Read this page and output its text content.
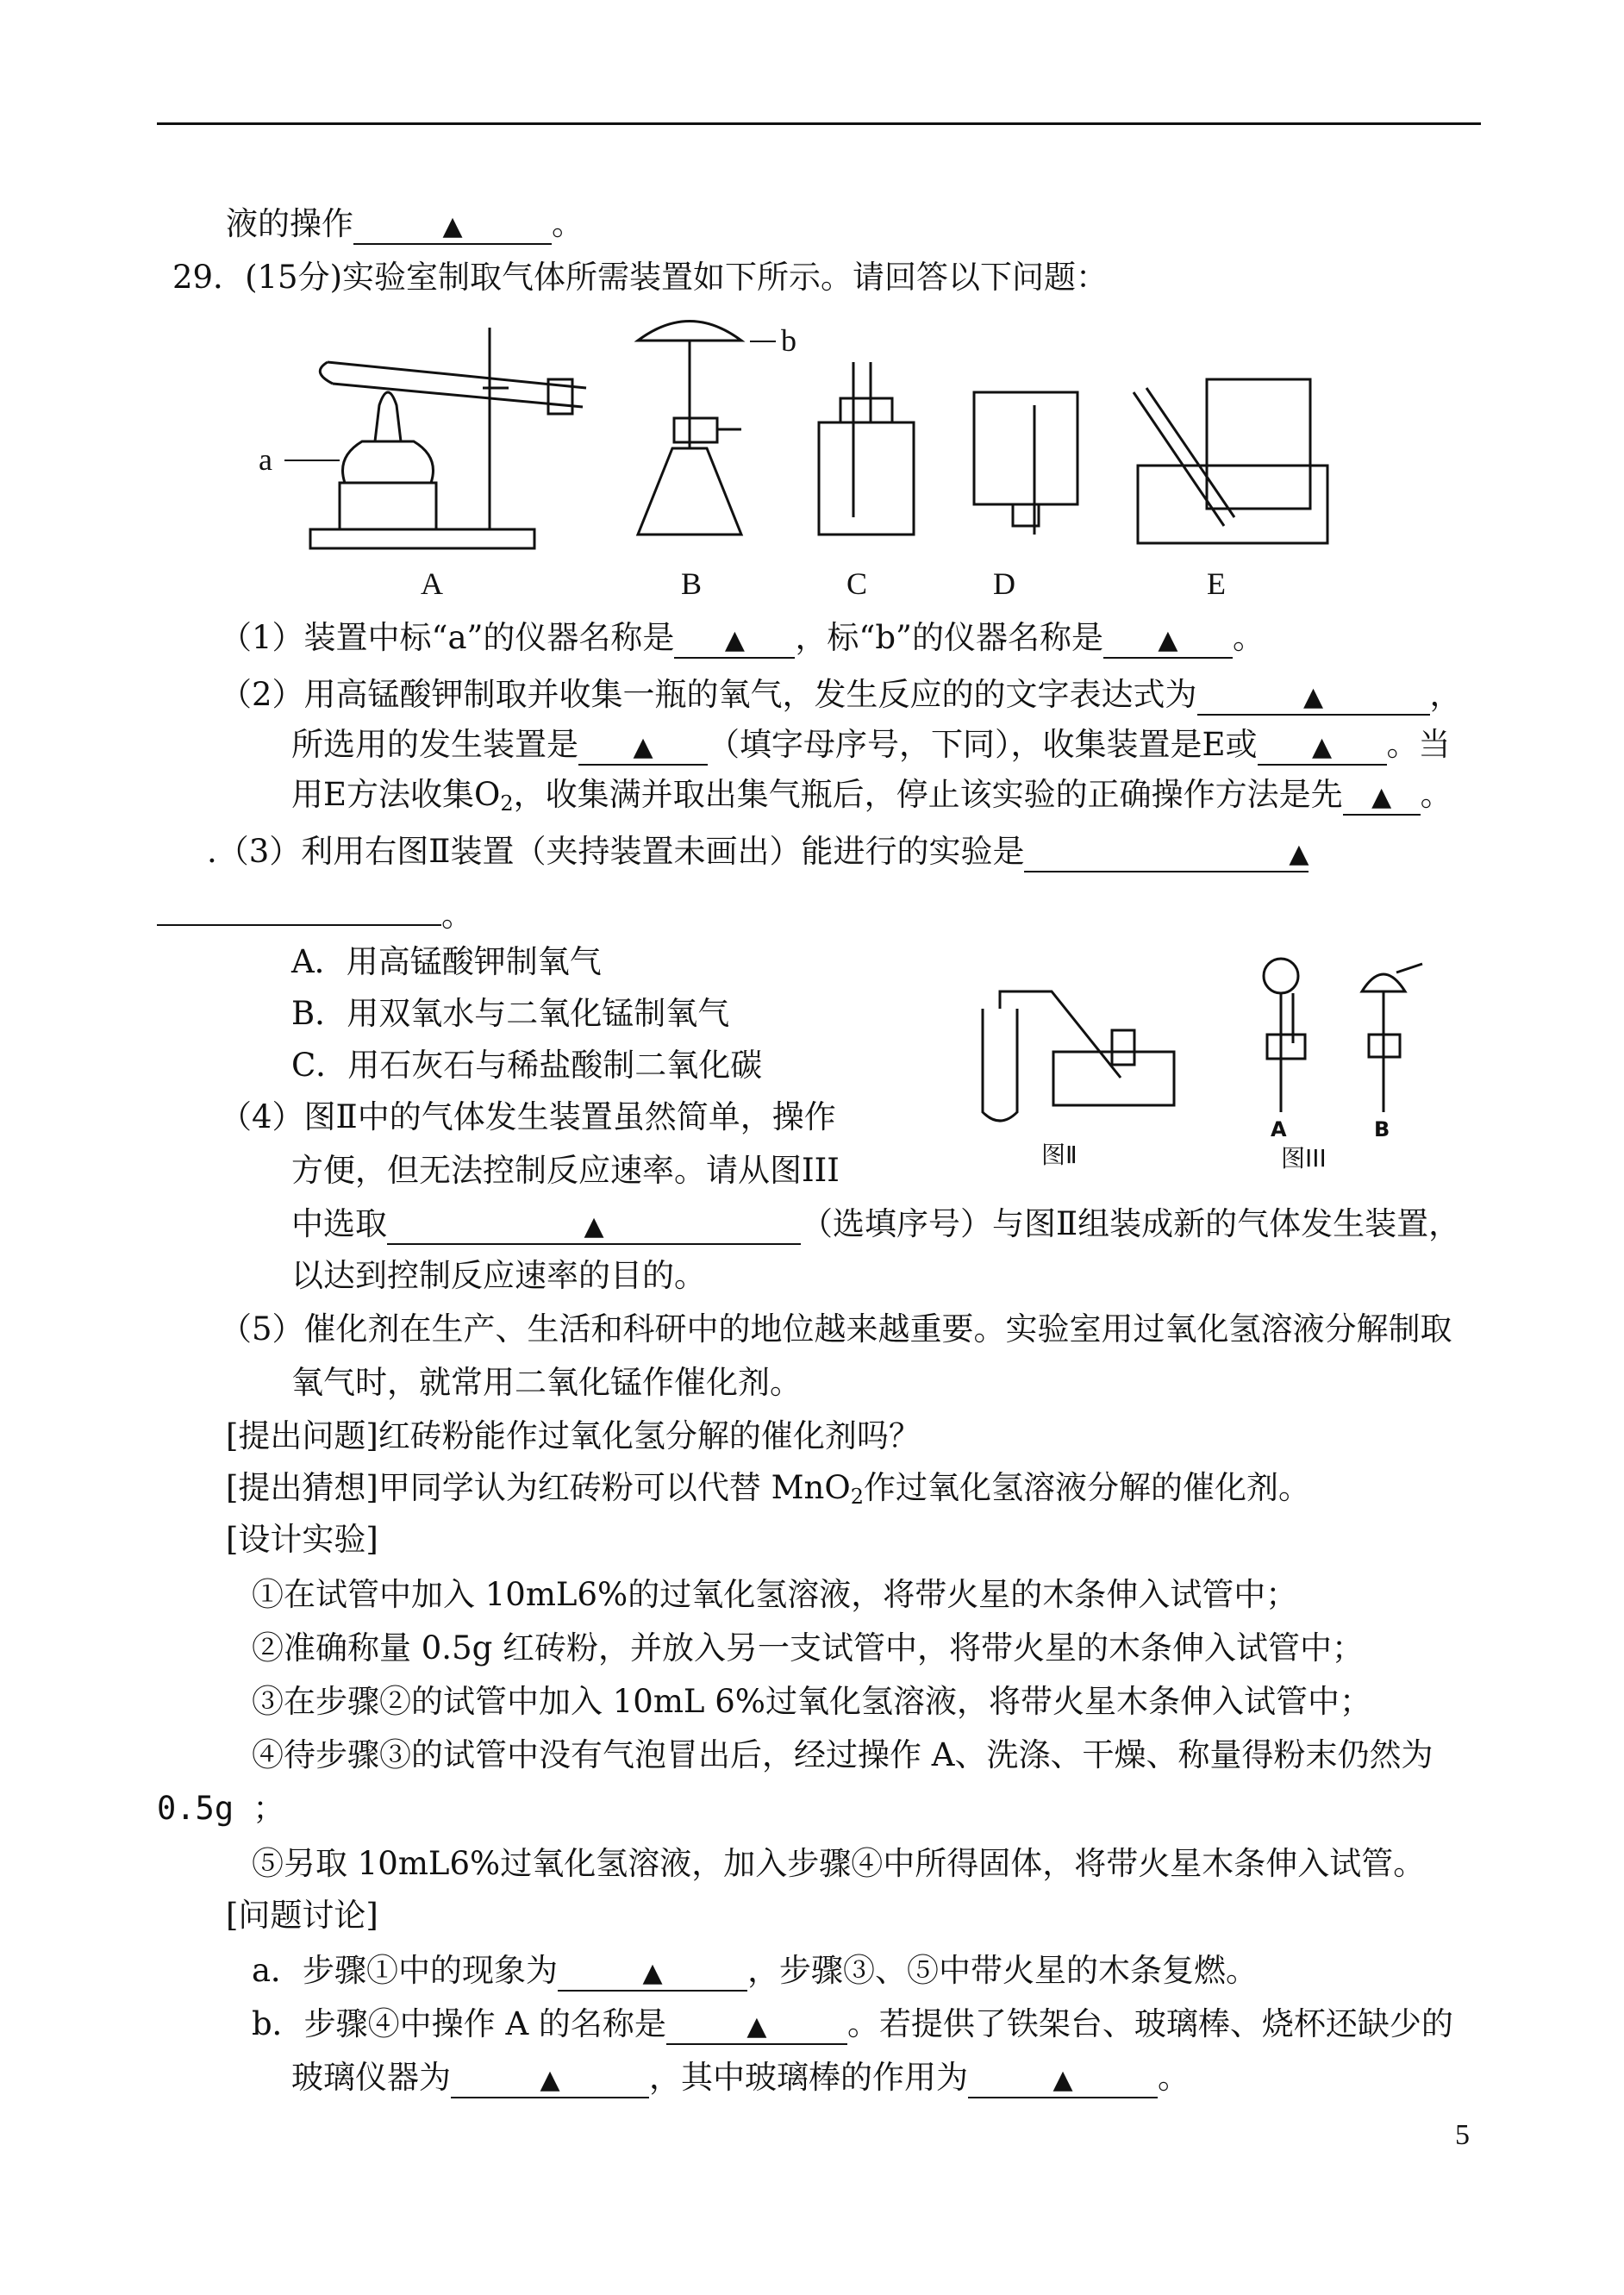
液的操作	▲	。
29．(15分)实验室制取气体所需装置如下所示。请回答以下问题：
a
b
A	B	C	D	E
（1）装置中标“a”的仪器名称是 ▲ ，标“b”的仪器名称是 ▲ 。
（2）用高锰酸钾制取并收集一瓶的氧气，发生反应的的文字表达式为	▲	，
所选用的发生装置是 ▲ （填字母序号，下同），收集装置是E或 ▲ 。当
用E方法收集$O_2$，收集满并取出集气瓶后，停止该实验的正确操作方法是先 ▲ 。
.（3）利用右图Ⅱ装置（夹持装置未画出）能进行的实验是	▲
。
A．用高锰酸钾制氧气
B．用双氧水与二氧化锰制氧气
C．用石灰石与稀盐酸制二氧化碳
图Ⅱ
A	B
图III
（4）图Ⅱ中的气体发生装置虽然简单，操作
方便，但无法控制反应速率。请从图III
中选取	▲	（选填序号）与图Ⅱ组装成新的气体发生装置，
以达到控制反应速率的目的。
（5）催化剂在生产、生活和科研中的地位越来越重要。实验室用过氧化氢溶液分解制取
氧气时，就常用二氧化锰作催化剂。
[提出问题]红砖粉能作过氧化氢分解的催化剂吗？
[提出猜想]甲同学认为红砖粉可以代替 MnO$_2$作过氧化氢溶液分解的催化剂。
[设计实验]
①在试管中加入 10mL6%的过氧化氢溶液，将带火星的木条伸入试管中；
②准确称量 0.5g 红砖粉，并放入另一支试管中，将带火星的木条伸入试管中；
③在步骤②的试管中加入 10mL 6%过氧化氢溶液，将带火星木条伸入试管中；
④待步骤③的试管中没有气泡冒出后，经过操作 A、洗涤、干燥、称量得粉末仍然为
0.5g ；
⑤另取 10mL6%过氧化氢溶液，加入步骤④中所得固体，将带火星木条伸入试管。
[问题讨论]
a．步骤①中的现象为	▲	，步骤③、⑤中带火星的木条复燃。
b．步骤④中操作 A 的名称是	▲	。若提供了铁架台、玻璃棒、烧杯还缺少的
玻璃仪器为	▲	，其中玻璃棒的作用为	▲	。
5
